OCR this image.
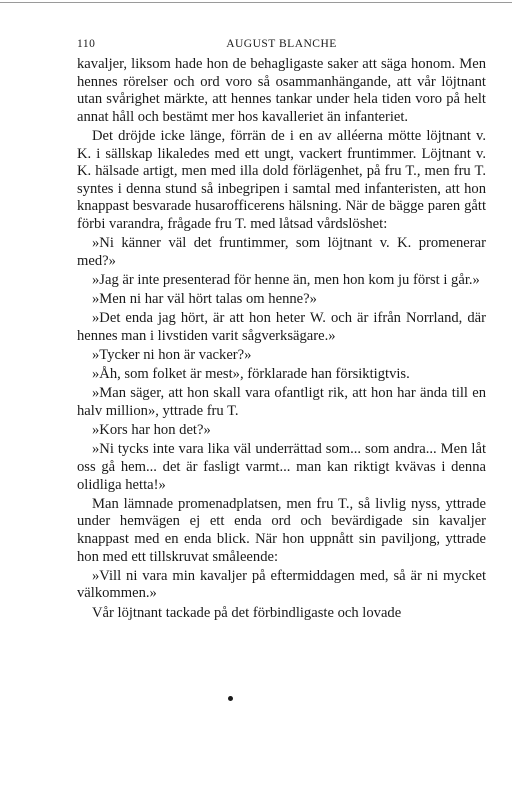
110	AUGUST BLANCHE

kavaljer, liksom hade hon de behagligaste saker att säga honom. Men hennes rörelser och ord voro så osammanhängande, att vår löjtnant utan svårighet märkte, att hennes tankar under hela tiden voro på helt annat håll och bestämt mer hos kavalleriet än infanteriet.

Det dröjde icke länge, förrän de i en av alléerna mötte löjtnant v. K. i sällskap likaledes med ett ungt, vackert fruntimmer. Löjtnant v. K. hälsade artigt, men med illa dold förlägenhet, på fru T., men fru T. syntes i denna stund så inbegripen i samtal med infanteristen, att hon knappast besvarade husarofficerens hälsning. När de bägge paren gått förbi varandra, frågade fru T. med låtsad vårdslöshet:

»Ni känner väl det fruntimmer, som löjtnant v. K. promenerar med?»

»Jag är inte presenterad för henne än, men hon kom ju först i går.»

»Men ni har väl hört talas om henne?»

»Det enda jag hört, är att hon heter W. och är ifrån Norrland, där hennes man i livstiden varit sågverksägare.»

»Tycker ni hon är vacker?»

»Åh, som folket är mest», förklarade han försiktigtvis.

»Man säger, att hon skall vara ofantligt rik, att hon har ända till en halv million», yttrade fru T.

»Kors har hon det?»

»Ni tycks inte vara lika väl underrättad som... som andra... Men låt oss gå hem... det är fasligt varmt... man kan riktigt kvävas i denna olidliga hetta!»

Man lämnade promenadplatsen, men fru T., så livlig nyss, yttrade under hemvägen ej ett enda ord och bevärdigade sin kavaljer knappast med en enda blick. När hon uppnått sin paviljong, yttrade hon med ett tillskruvat småleende:

»Vill ni vara min kavaljer på eftermiddagen med, så är ni mycket välkommen.»

Vår löjtnant tackade på det förbindligaste och lovade
